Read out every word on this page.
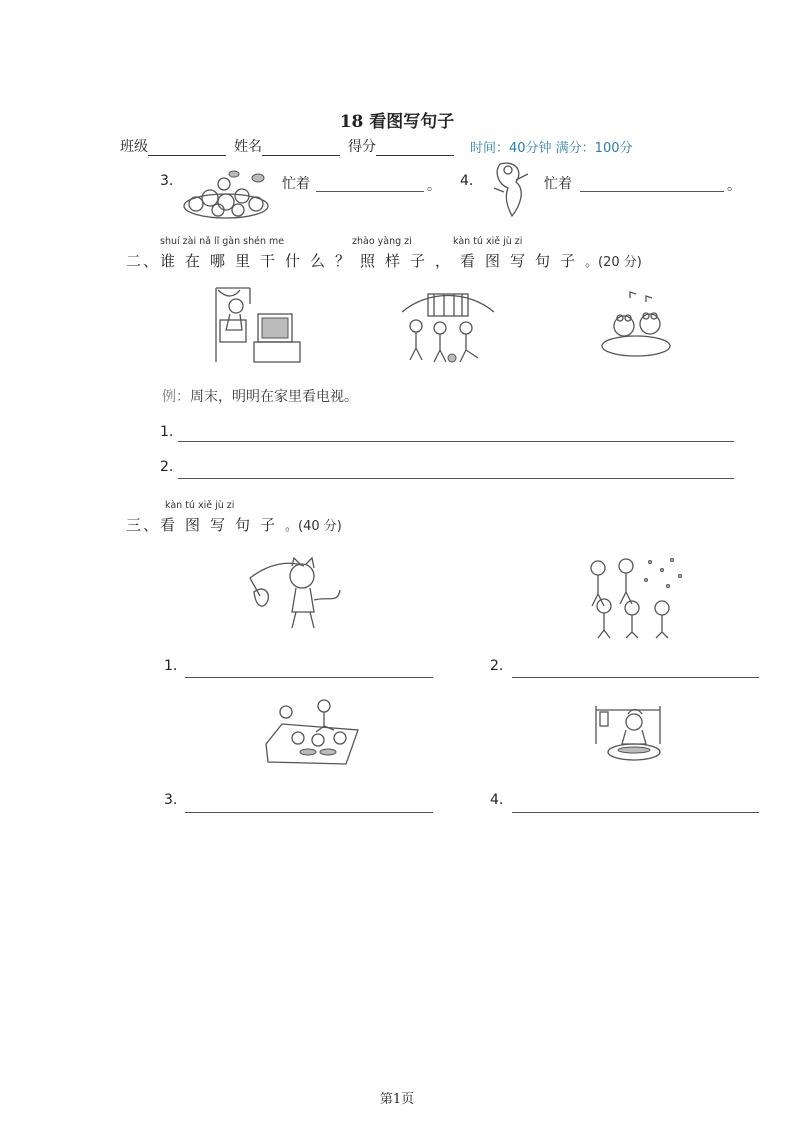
18 看图写句子
班级	姓名	得分	时间：40分钟 满分：100分
3.	忙着	。 4.	忙着	。
shuí zài nǎ lǐ gàn shén me	zhào yàng zi	kàn tú xiě jù zi
二、谁在哪里干什么？照样子，看图写句子。(20 分)
例：周末，明明在家里看电视。
1.
2.
kàn tú xiě jù zi
三、看图写句子。(40 分)
1.	2.
3.	4.
第1页
